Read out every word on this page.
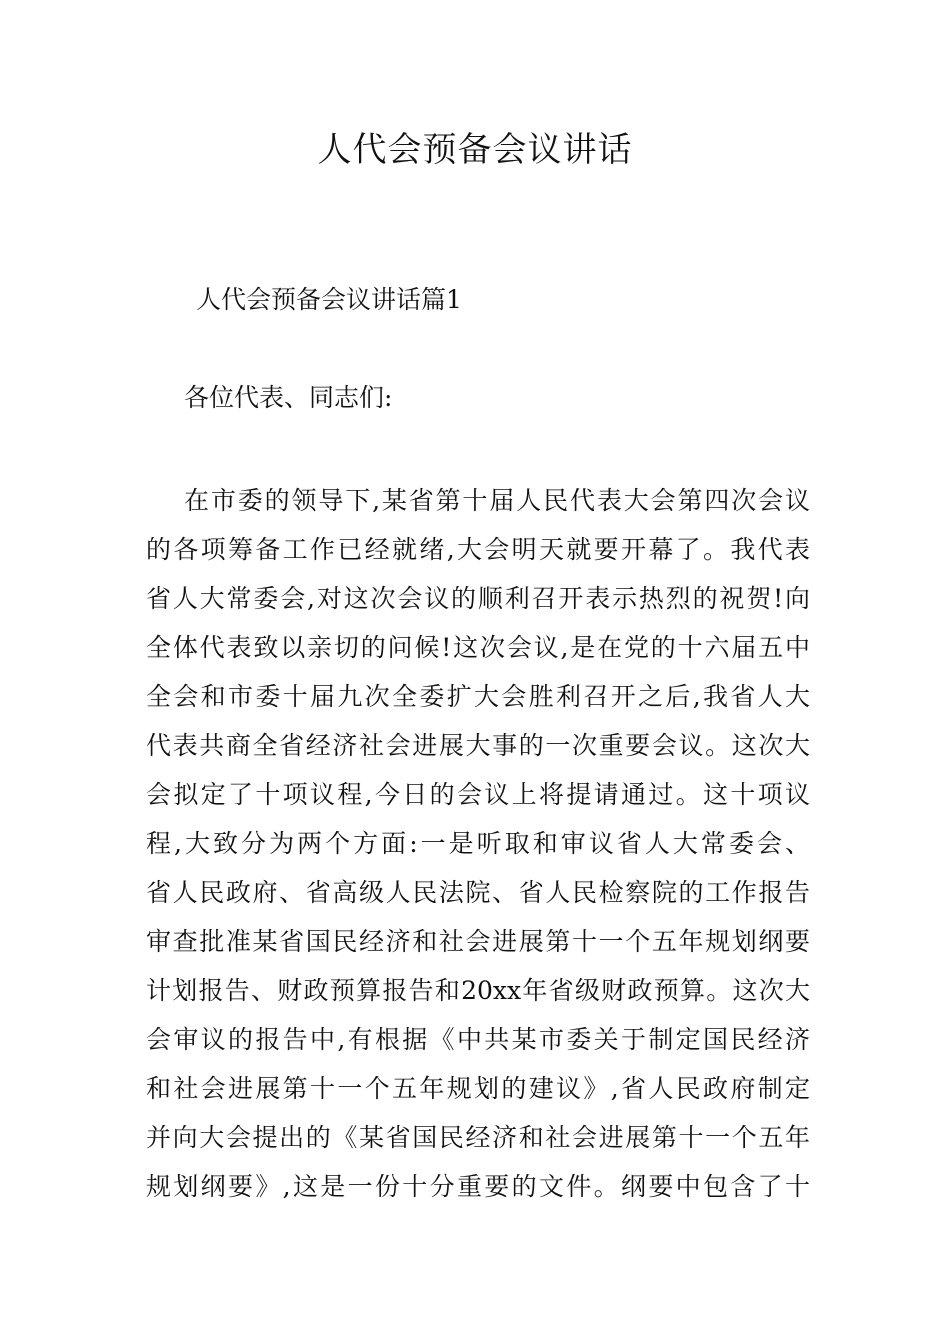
人代会预备会议讲话

人代会预备会议讲话篇1

各位代表、同志们:

在市委的领导下,某省第十届人民代表大会第四次会议
的各项筹备工作已经就绪,大会明天就要开幕了。我代表
省人大常委会,对这次会议的顺利召开表示热烈的祝贺!向
全体代表致以亲切的问候!这次会议,是在党的十六届五中
全会和市委十届九次全委扩大会胜利召开之后,我省人大
代表共商全省经济社会进展大事的一次重要会议。这次大
会拟定了十项议程,今日的会议上将提请通过。这十项议
程,大致分为两个方面:一是听取和审议省人大常委会、
省人民政府、省高级人民法院、省人民检察院的工作报告
审查批准某省国民经济和社会进展第十一个五年规划纲要
计划报告、财政预算报告和20xx年省级财政预算。这次大
会审议的报告中,有根据《中共某市委关于制定国民经济
和社会进展第十一个五年规划的建议》,省人民政府制定
并向大会提出的《某省国民经济和社会进展第十一个五年
规划纲要》,这是一份十分重要的文件。纲要中包含了十
